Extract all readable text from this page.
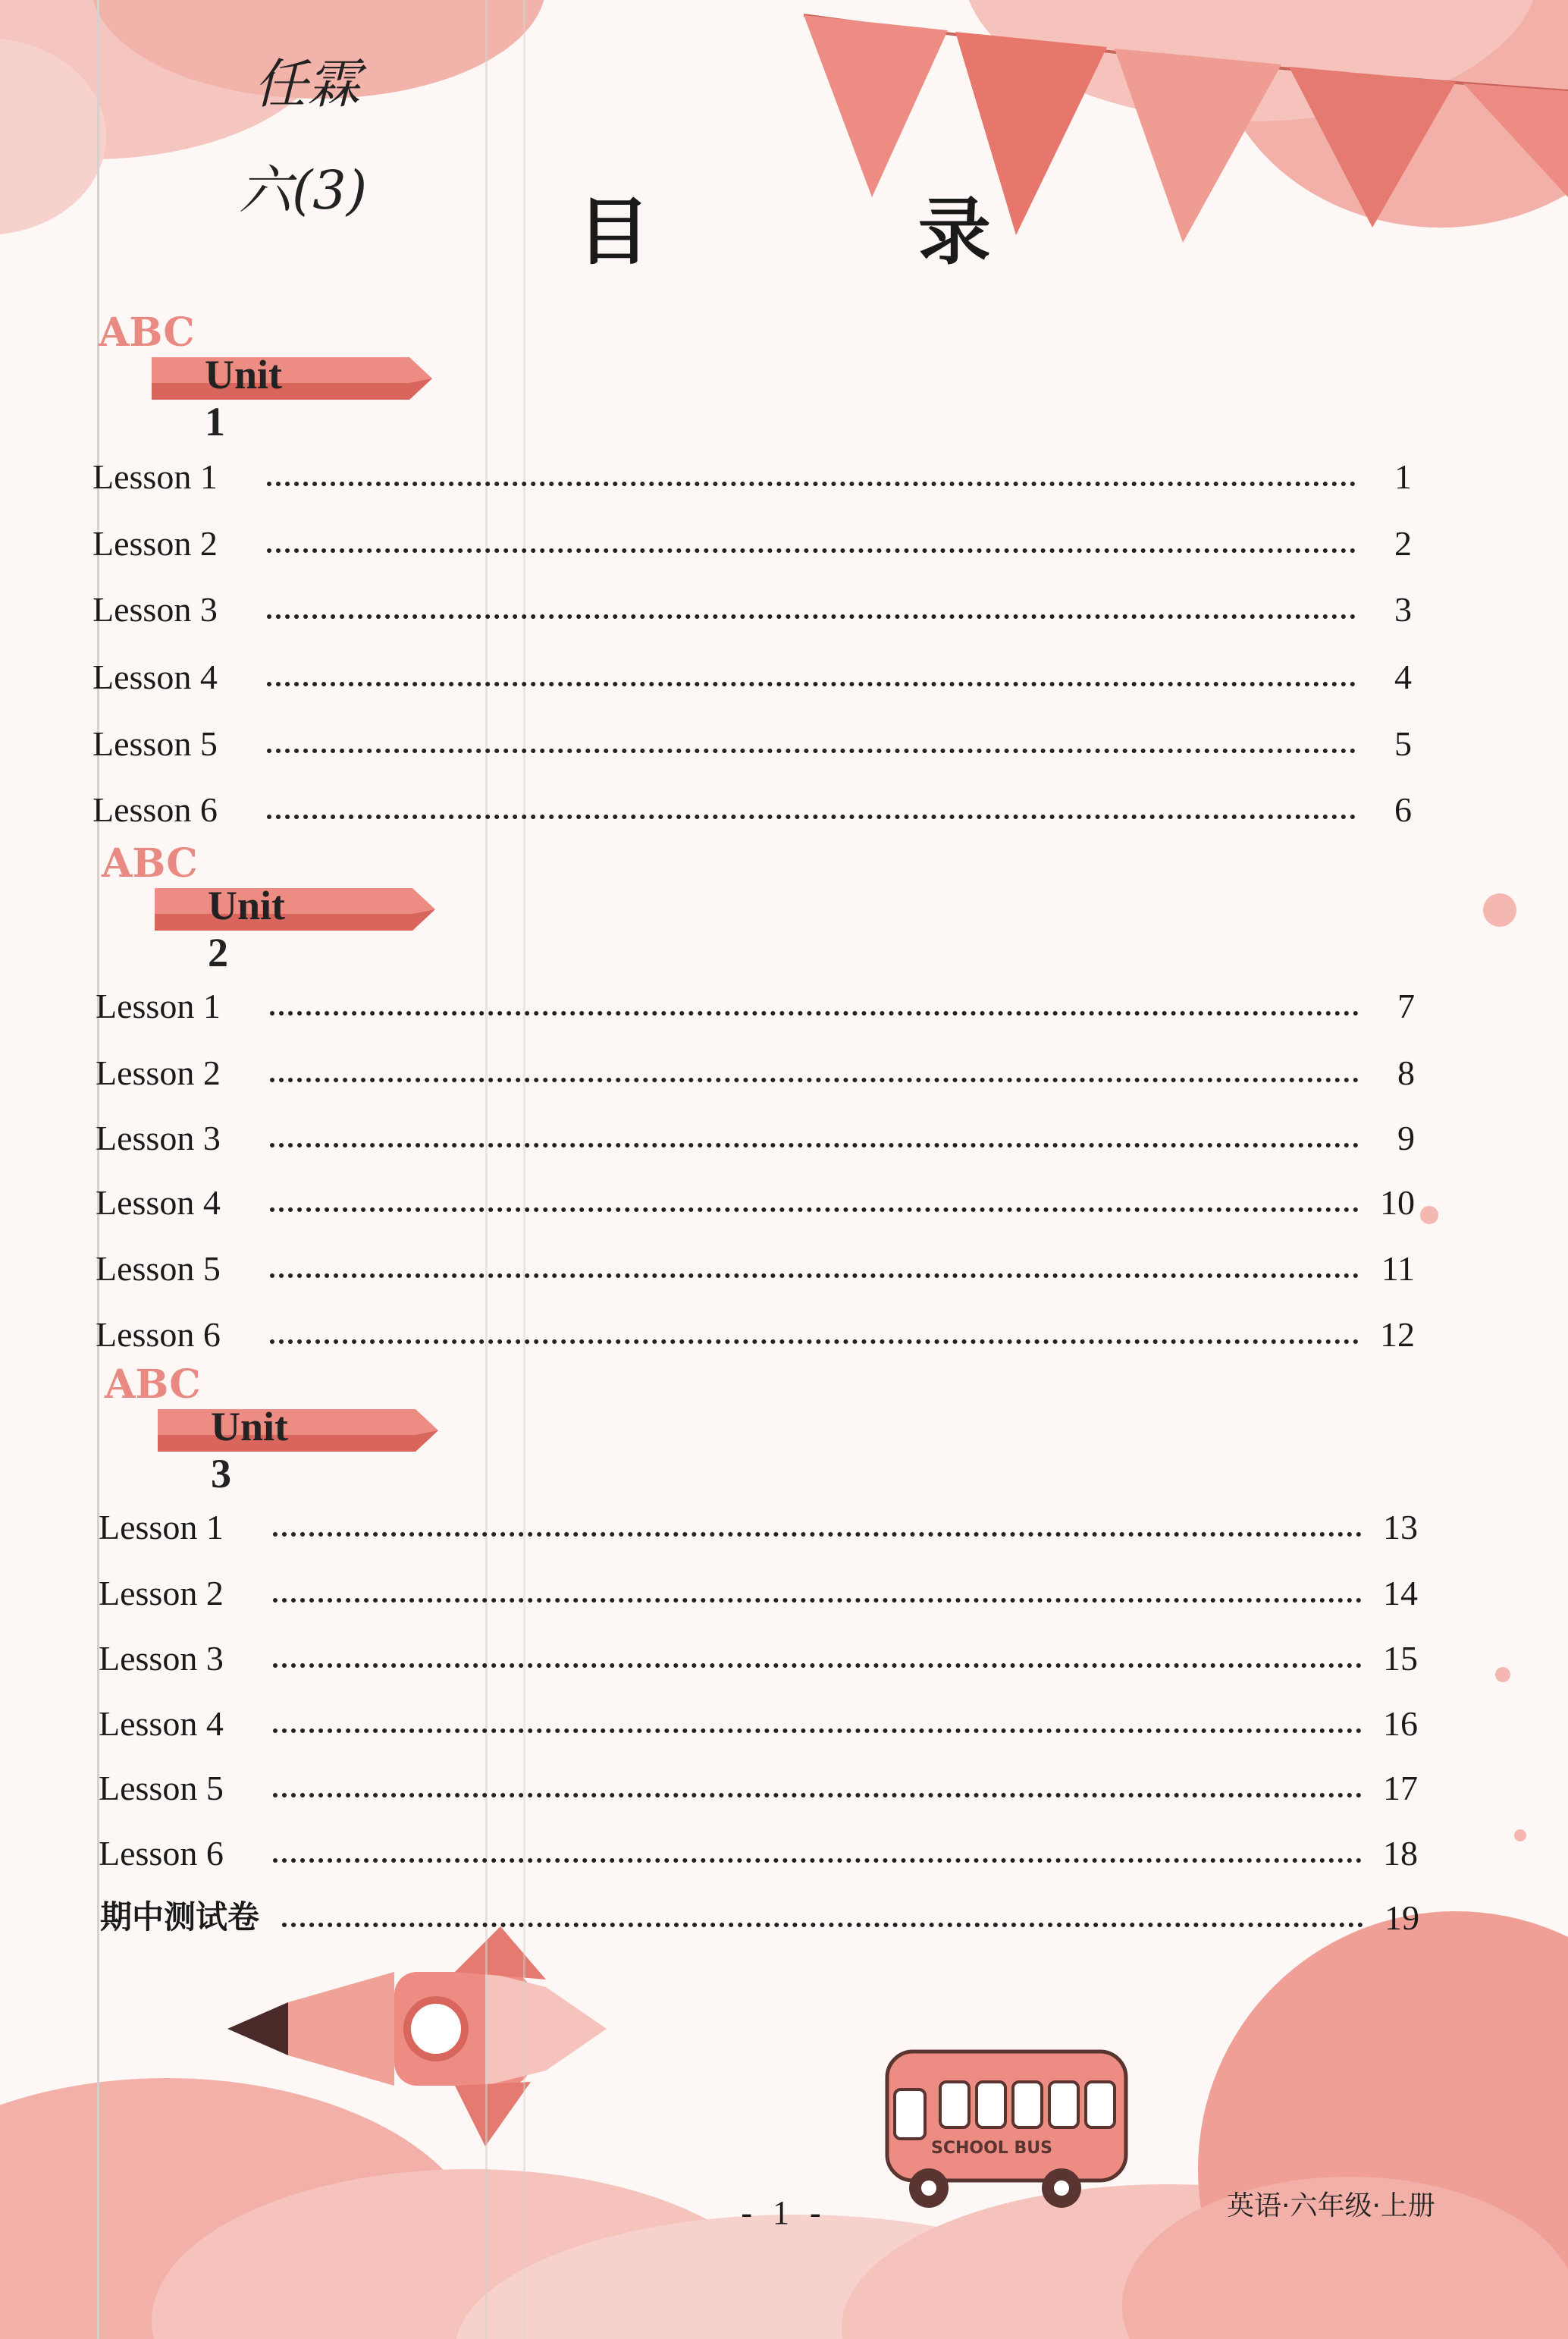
任霖
六(3)
SCHOOL BUS
目 录
ABC
Unit 1
Lesson 1	1
Lesson 2	2
Lesson 3	3
Lesson 4	4
Lesson 5	5
Lesson 6	6
ABC
Unit 2
Lesson 1	7
Lesson 2	8
Lesson 3	9
Lesson 4	10
Lesson 5	11
Lesson 6	12
ABC
Unit 3
Lesson 1	13
Lesson 2	14
Lesson 3	15
Lesson 4	16
Lesson 5	17
Lesson 6	18
期中测试卷	19
- 1 -	英语·六年级·上册
